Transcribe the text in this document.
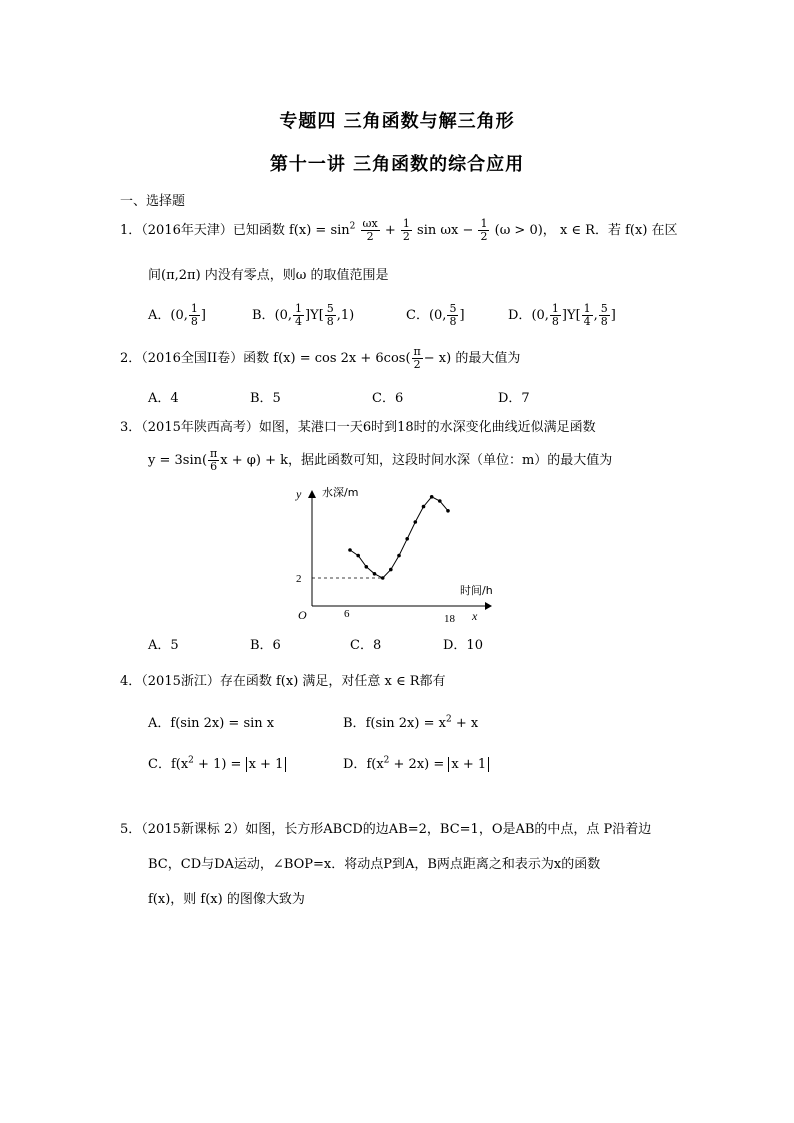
专题四 三角函数与解三角形
第十一讲 三角函数的综合应用
一、选择题
1．（2016年天津）已知函数 $f(x) = \sin^2 \frac{\omega x}{2} + \frac{1}{2}$ $\sin \omega x - \frac{1}{2} (\omega > 0)$， x ∈ R．若 f(x) 在区
间(π,2π) 内没有零点，则ω 的取值范围是
A．(0, $\frac{1}{8}$ ]	B．(0, $\frac{1}{4} ]Y[ \frac{5}{8} ,1)$	C．(0, $\frac{5}{8}$ ]	D．(0, $\frac{1}{8} ]Y[ \frac{1}{4}$ , $\frac{5}{8}$ ]
2．（2016全国II卷）函数 $f(x) = \cos 2x + 6\cos( \frac{\pi}{2} - x)$ 的最大值为
A．4	B．5	C．6	D．7
3．（2015年陕西高考）如图，某港口一天6时到18时的水深变化曲线近似满足函数
$y = 3\sin( \frac{\pi}{6}$ x + φ) + k，据此函数可知，这段时间水深（单位：m）的最大值为
y 水深/m
时间/h
x
O	6	18
2
A．5	B．6	C．8	D．10
4．（2015浙江）存在函数 f(x) 满足，对任意 x ∈ R都有
A．f(sin 2x) = sin x	B．f(sin $2x) = x^2 + x$
C．$f(x^2 + 1) = x + 1$	D．$f(x^2 + 2x) = x + 1$
5．（2015新课标 2）如图，长方形ABCD的边AB=2，BC=1，O是AB的中点，点 P沿着边
BC，CD与DA运动，∠BOP=x．将动点P到A，B两点距离之和表示为x的函数
f(x)，则 f(x) 的图像大致为
